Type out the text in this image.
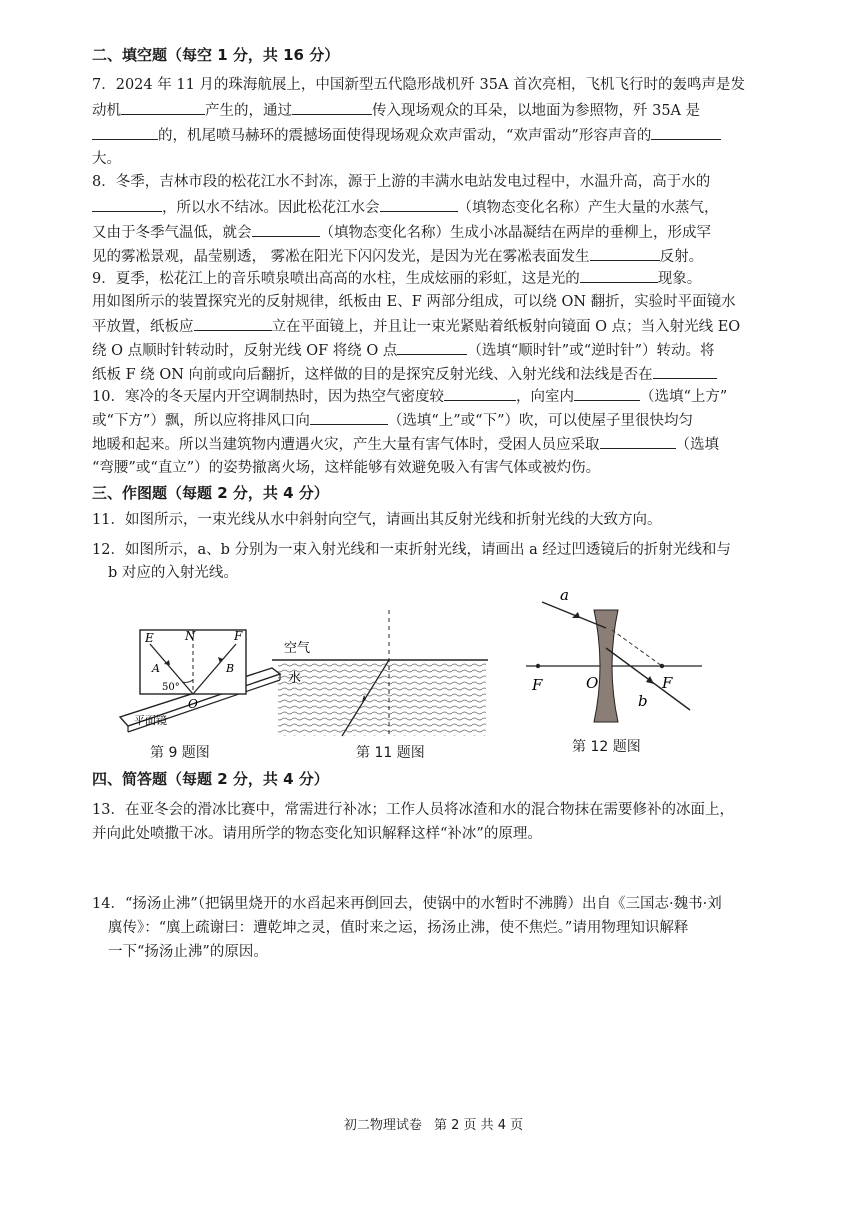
二、填空题（每空 1 分，共 16 分）
7．2024 年 11 月的珠海航展上，中国新型五代隐形战机歼 35A 首次亮相，飞机飞行时的轰鸣声是发
动机	产生的，通过	传入现场观众的耳朵，以地面为参照物，歼 35A 是
的，机尾喷马赫环的震撼场面使得现场观众欢声雷动，“欢声雷动”形容声音的
大。
8．冬季，吉林市段的松花江水不封冻，源于上游的丰满水电站发电过程中，水温升高，高于水的
，所以水不结冰。因此松花江水会	（填物态变化名称）产生大量的水蒸气，
又由于冬季气温低，就会	（填物态变化名称）生成小冰晶凝结在两岸的垂柳上，形成罕
见的雾凇景观，晶莹剔透， 雾凇在阳光下闪闪发光，是因为光在雾凇表面发生	反射。
9．夏季，松花江上的音乐喷泉喷出高高的水柱，生成炫丽的彩虹，这是光的	现象。
用如图所示的装置探究光的反射规律，纸板由 E、F 两部分组成，可以绕 ON 翻折，实验时平面镜水
平放置，纸板应	立在平面镜上，并且让一束光紧贴着纸板射向镜面 O 点；当入射光线 EO
绕 O 点顺时针转动时，反射光线 OF 将绕 O 点	（选填“顺时针”或“逆时针”）转动。将
纸板 F 绕 ON 向前或向后翻折，这样做的目的是探究反射光线、入射光线和法线是否在
10．寒冷的冬天屋内开空调制热时，因为热空气密度较	，向室内	（选填“上方”
或“下方”）飘，所以应将排风口向	（选填“上”或“下”）吹，可以使屋子里很快均匀
地暖和起来。所以当建筑物内遭遇火灾，产生大量有害气体时，受困人员应采取	（选填
“弯腰”或“直立”）的姿势撤离火场，这样能够有效避免吸入有害气体或被灼伤。
三、作图题（每题 2 分，共 4 分）
11．如图所示，一束光线从水中斜射向空气，请画出其反射光线和折射光线的大致方向。
12．如图所示，a、b 分别为一束入射光线和一束折射光线，请画出 a 经过凹透镜后的折射光线和与
b 对应的入射光线。
E	N	F
A	B
50°
O
平面镜
第 9 题图
空气
水
第 11 题图
a
F	O	F
b
第 12 题图
四、简答题（每题 2 分，共 4 分）
13．在亚冬会的滑冰比赛中，常需进行补冰；工作人员将冰渣和水的混合物抹在需要修补的冰面上，
并向此处喷撒干冰。请用所学的物态变化知识解释这样“补冰”的原理。
14．“扬汤止沸”（把锅里烧开的水舀起来再倒回去，使锅中的水暂时不沸腾）出自《三国志·魏书·刘
廙传》：“廙上疏谢曰：遭乾坤之灵，值时来之运，扬汤止沸，使不焦烂。”请用物理知识解释
一下“扬汤止沸”的原因。
初二物理试卷 第 2 页 共 4 页
